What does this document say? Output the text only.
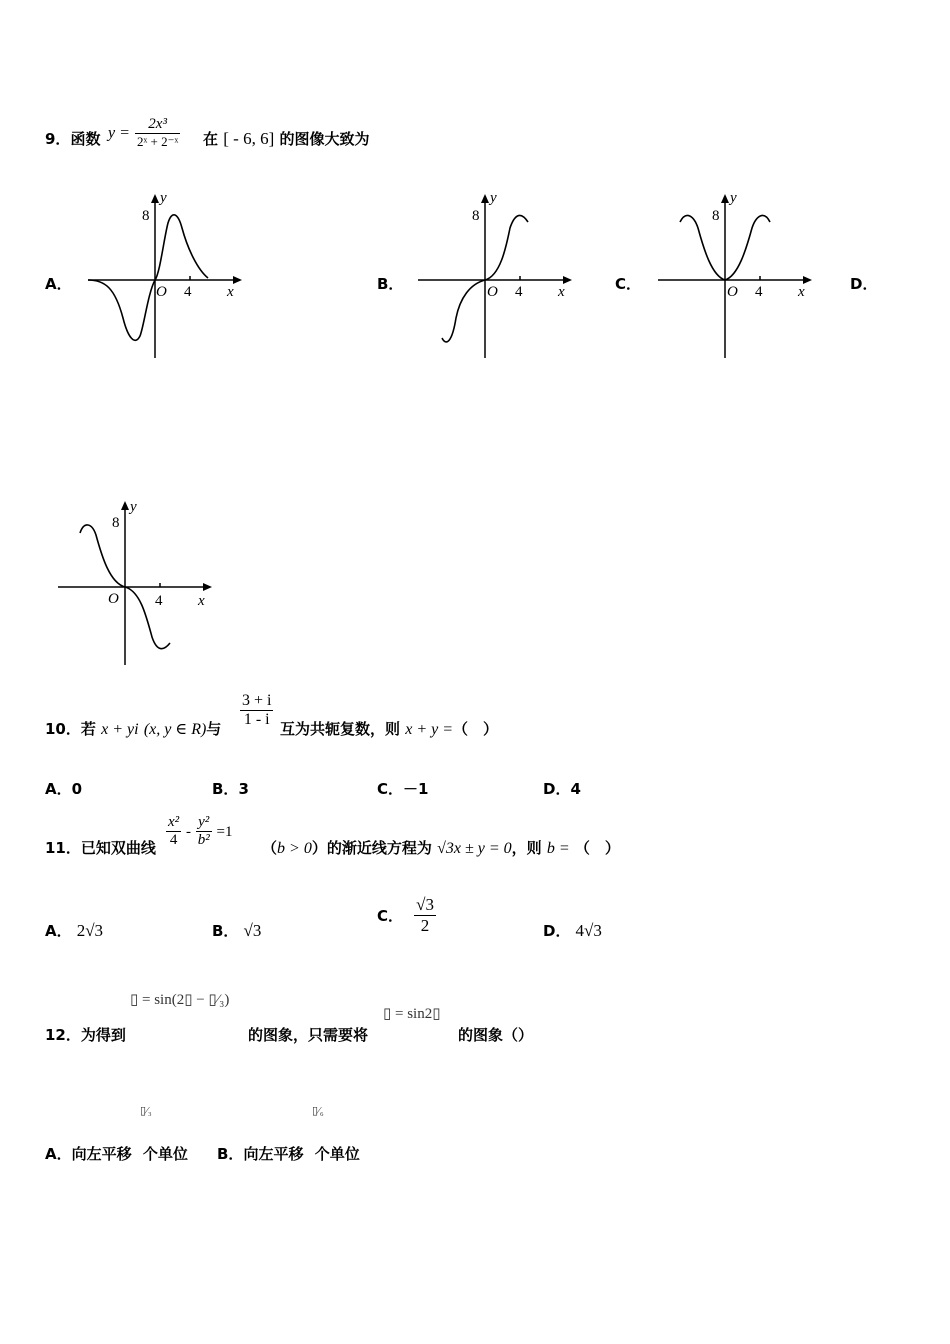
9．函数 $y = \frac{\text{2x³}}{\text{2ˣ + 2⁻ˣ}}$ 在 [ - 6, 6] 的图像大致为
A．	B．	C．	D．
8
y
O 4 x
8
y
O 4 x
8
y
O 4 x
8
y
O 4 x
10．若 x + yi (x, y ∈ R)与 $\frac{3 + i}{1 - i}$ 互为共轭复数，则 x + y =（　）
A．0	B．3	C．－1	D．4
11．已知双曲线 $\frac{\text{x²}}{4} - \frac{\text{y²}}{\text{b²}} =1$
（b > 0）的渐近线方程为 √3x ± y = 0，则 b = （　）
A． 2√3	B． √3
C． $\frac{√3}{2}$	D． 4√3
▯ = sin(2▯ − ▯⁄₃)
▯ = sin2▯
12．为得到	的图象，只需要将	的图象（）
▯⁄₃	▯⁄₆
A．向左平移 个单位 B．向左平移 个单位
